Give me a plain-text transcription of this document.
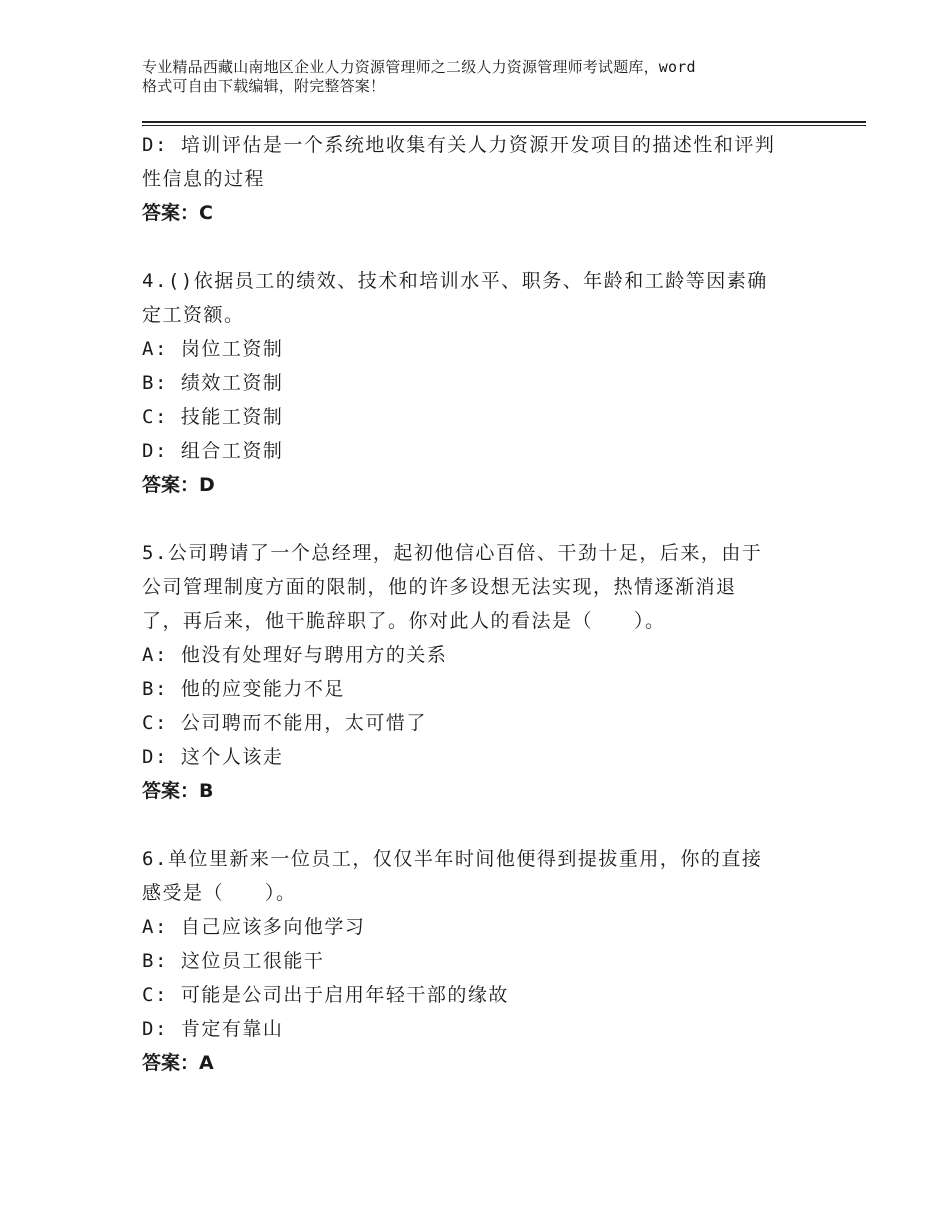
专业精品西藏山南地区企业人力资源管理师之二级人力资源管理师考试题库，word
格式可自由下载编辑，附完整答案！
D: 培训评估是一个系统地收集有关人力资源开发项目的描述性和评判
性信息的过程
答案：C
4.()依据员工的绩效、技术和培训水平、职务、年龄和工龄等因素确
定工资额。
A: 岗位工资制
B: 绩效工资制
C: 技能工资制
D: 组合工资制
答案：D
5.公司聘请了一个总经理，起初他信心百倍、干劲十足，后来，由于
公司管理制度方面的限制，他的许多设想无法实现，热情逐渐消退
了，再后来，他干脆辞职了。你对此人的看法是（　　）。
A: 他没有处理好与聘用方的关系
B: 他的应变能力不足
C: 公司聘而不能用，太可惜了
D: 这个人该走
答案：B
6.单位里新来一位员工，仅仅半年时间他便得到提拔重用，你的直接
感受是（　　）。
A: 自己应该多向他学习
B: 这位员工很能干
C: 可能是公司出于启用年轻干部的缘故
D: 肯定有靠山
答案：A
